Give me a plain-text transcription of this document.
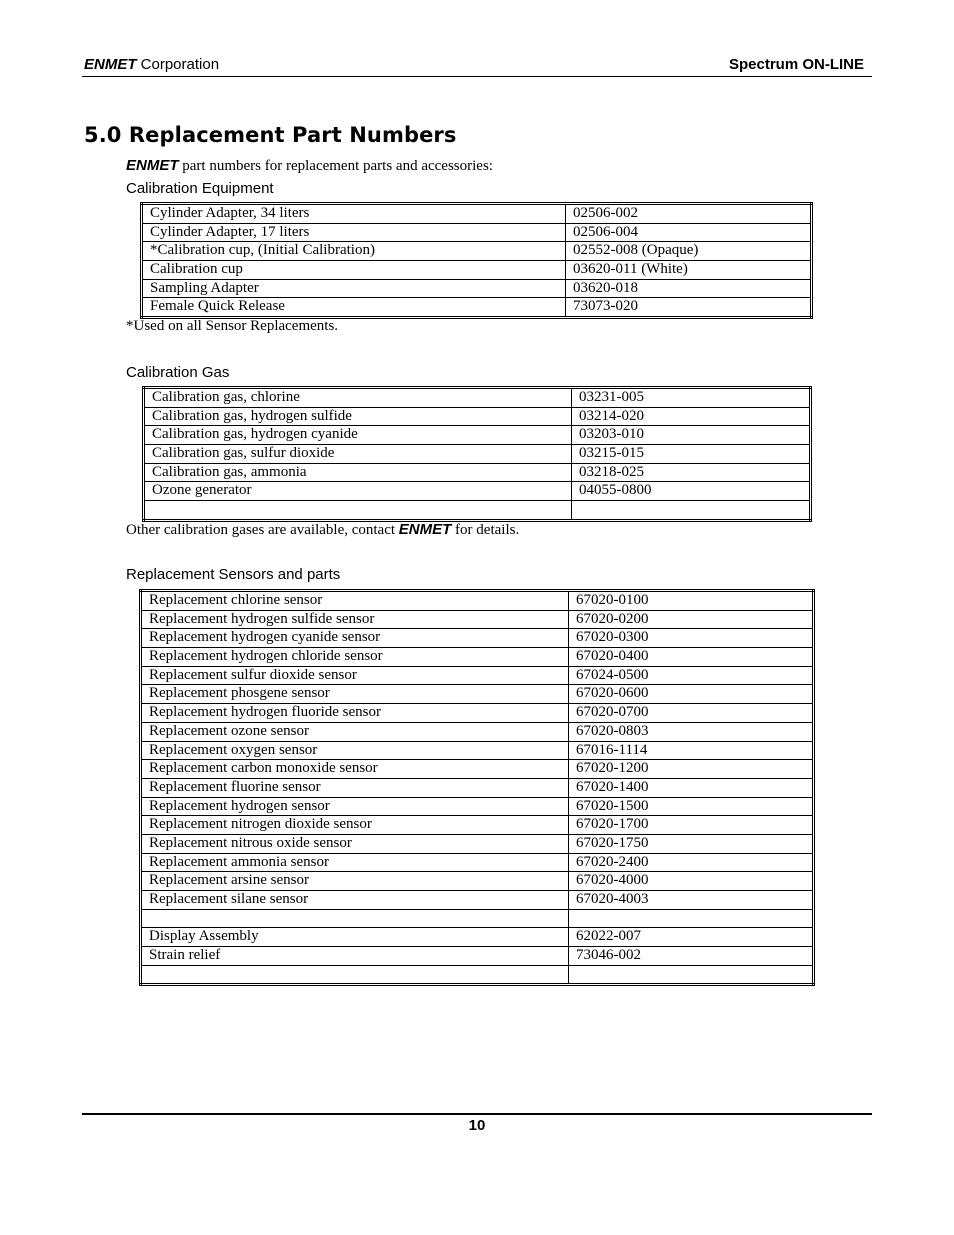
ENMET Corporation	Spectrum ON-LINE
5.0 Replacement Part Numbers
ENMET part numbers for replacement parts and accessories:
Calibration Equipment
Cylinder Adapter, 34 liters	02506-002
Cylinder Adapter, 17 liters	02506-004
*Calibration cup, (Initial Calibration)	02552-008 (Opaque)
Calibration cup	03620-011 (White)
Sampling Adapter	03620-018
Female Quick Release	73073-020
*Used on all Sensor Replacements.
Calibration Gas
Calibration gas, chlorine	03231-005
Calibration gas, hydrogen sulfide	03214-020
Calibration gas, hydrogen cyanide	03203-010
Calibration gas, sulfur dioxide	03215-015
Calibration gas, ammonia	03218-025
Ozone generator	04055-0800

Other calibration gases are available, contact ENMET for details.
Replacement Sensors and parts
Replacement chlorine sensor	67020-0100
Replacement hydrogen sulfide sensor	67020-0200
Replacement hydrogen cyanide sensor	67020-0300
Replacement hydrogen chloride sensor	67020-0400
Replacement sulfur dioxide sensor	67024-0500
Replacement phosgene sensor	67020-0600
Replacement hydrogen fluoride sensor	67020-0700
Replacement ozone sensor	67020-0803
Replacement oxygen sensor	67016-1114
Replacement carbon monoxide sensor	67020-1200
Replacement fluorine sensor	67020-1400
Replacement hydrogen sensor	67020-1500
Replacement nitrogen dioxide sensor	67020-1700
Replacement nitrous oxide sensor	67020-1750
Replacement ammonia sensor	67020-2400
Replacement arsine sensor	67020-4000
Replacement silane sensor	67020-4003

Display Assembly	62022-007
Strain relief	73046-002

10
